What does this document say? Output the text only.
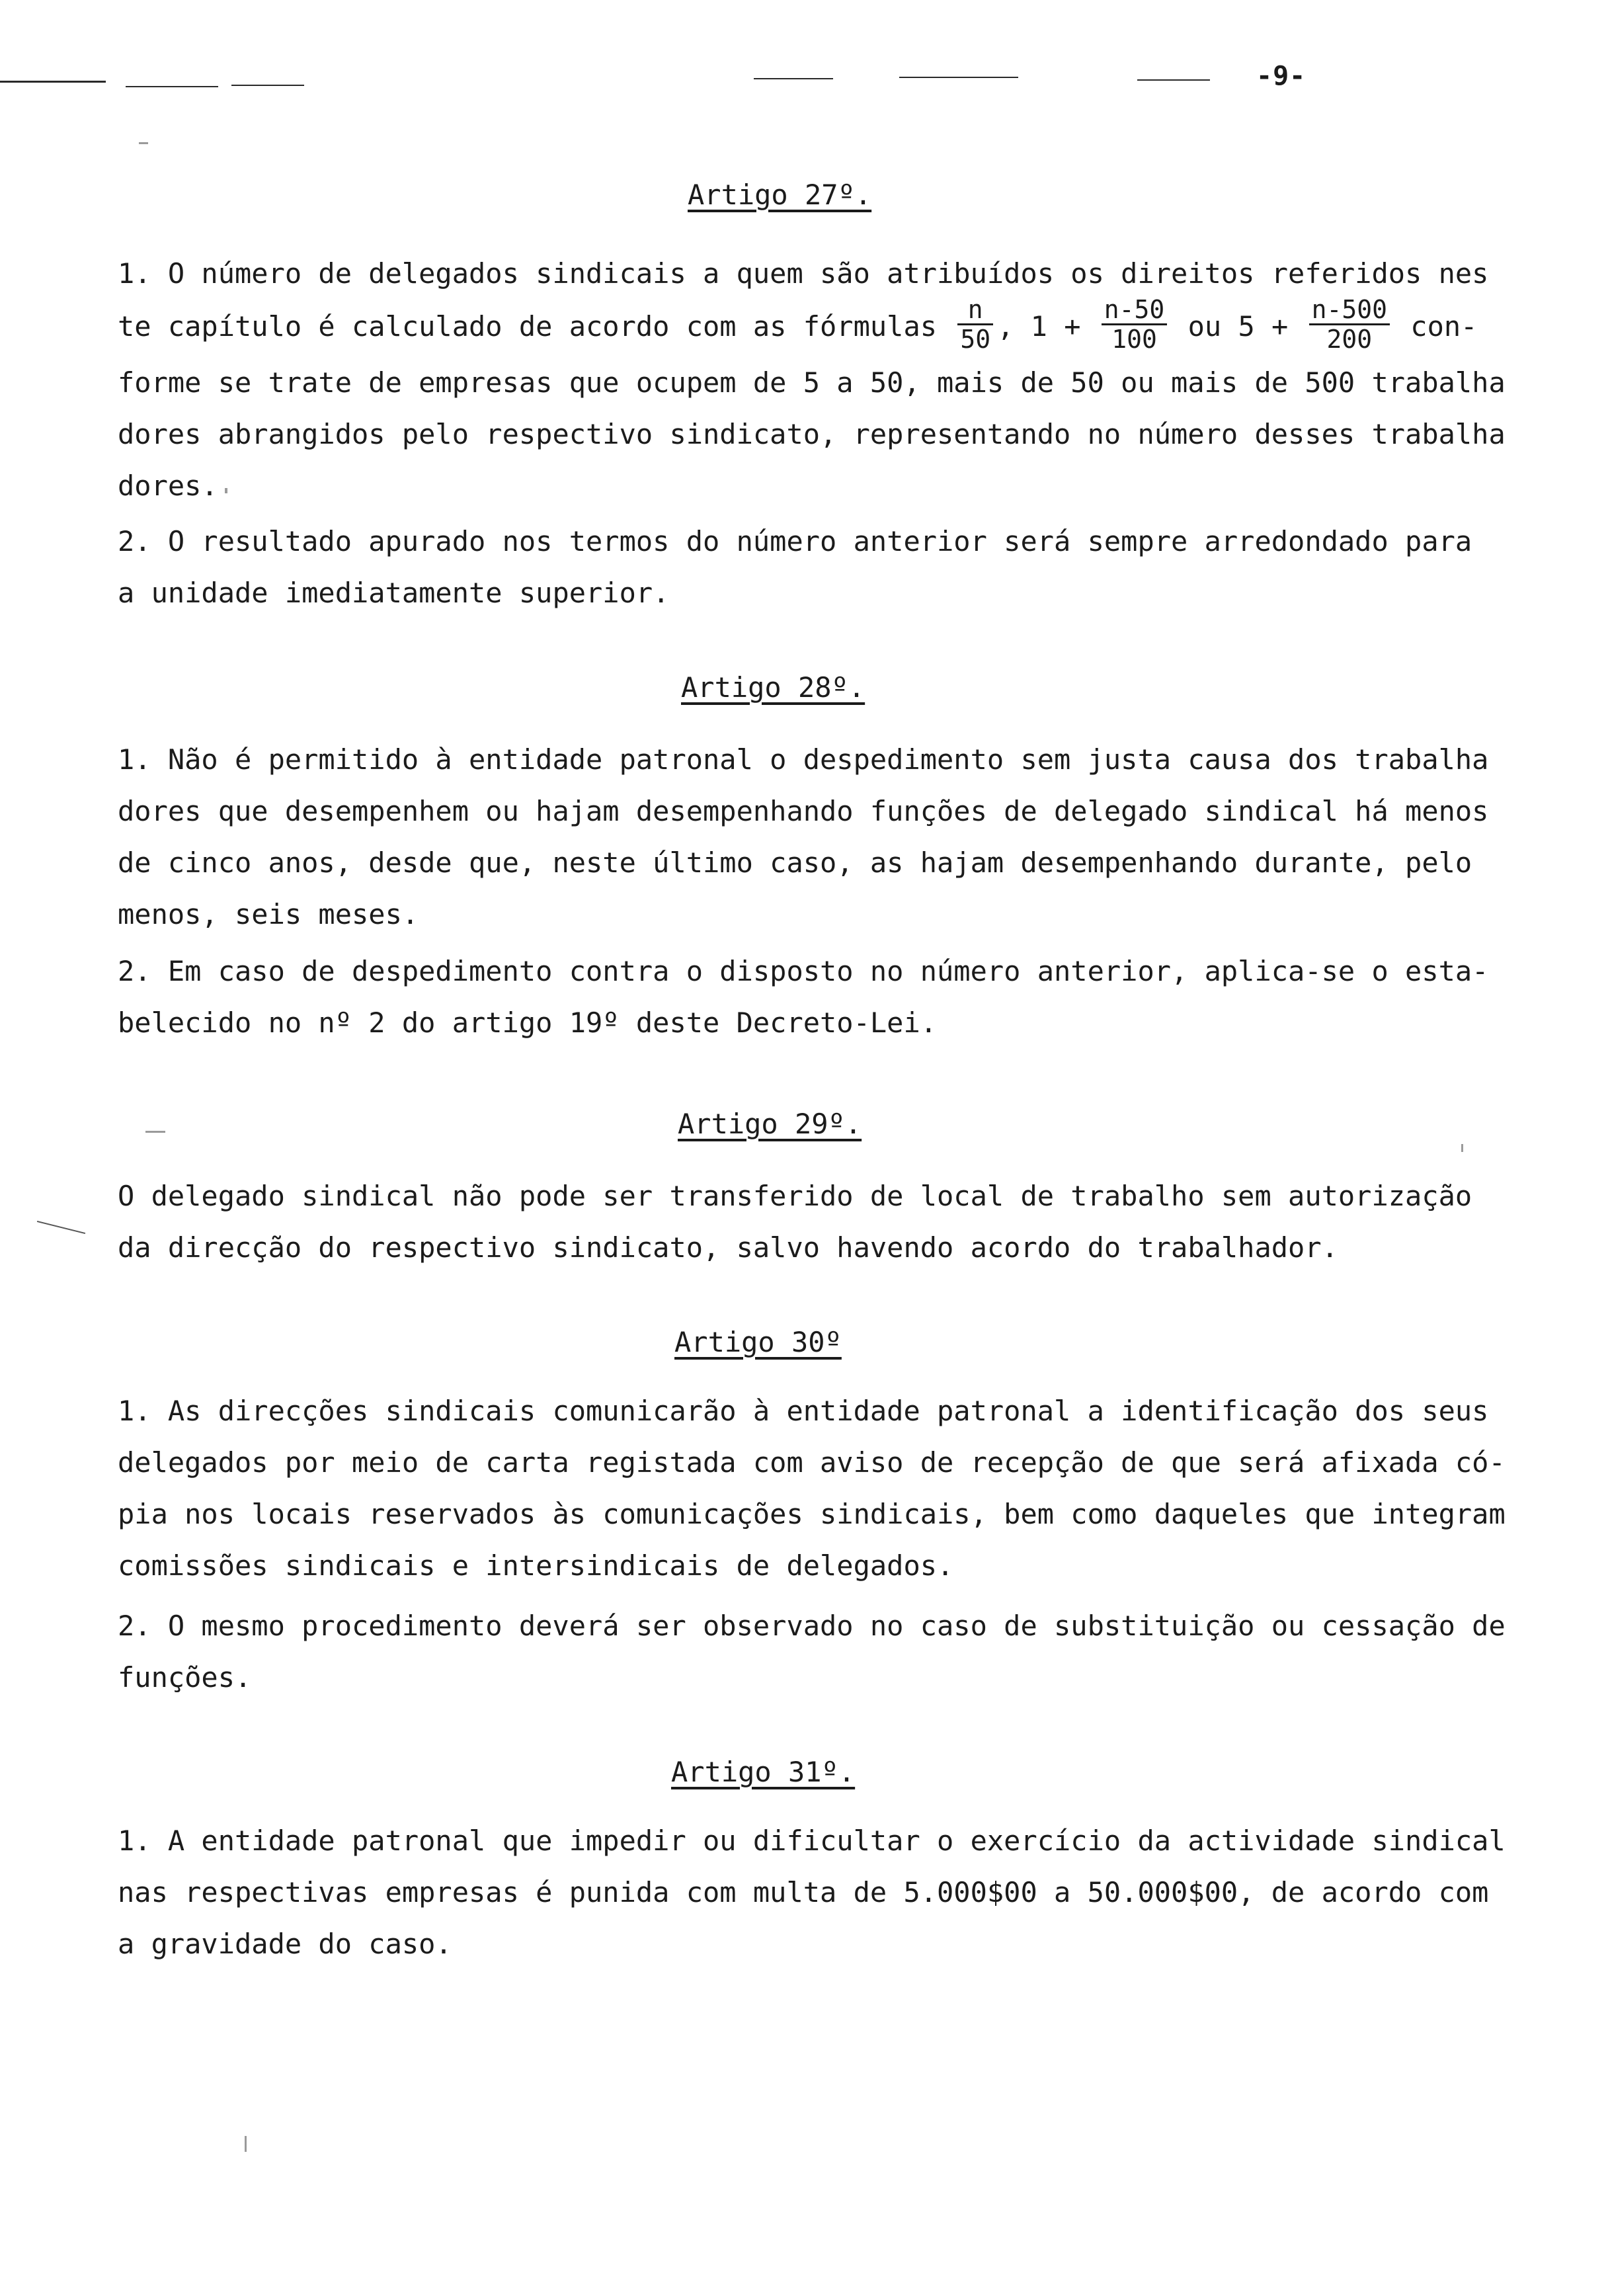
-9-
Artigo 27º.
1. O número de delegados sindicais a quem são atribuídos os direitos referidos nes
te capítulo é calculado de acordo com as fórmulas $\frac{n}{50}$ , $1 + \frac{n-50}{100}$ ou $5 + \frac{n-500}{200} con-$
forme se trate de empresas que ocupem de 5 a 50, mais de 50 ou mais de 500 trabalha
dores abrangidos pelo respectivo sindicato, representando no número desses trabalha
dores.
2. O resultado apurado nos termos do número anterior será sempre arredondado para
a unidade imediatamente superior.
Artigo 28º.
1. Não é permitido à entidade patronal o despedimento sem justa causa dos trabalha
dores que desempenhem ou hajam desempenhando funções de delegado sindical há menos
de cinco anos, desde que, neste último caso, as hajam desempenhando durante, pelo
menos, seis meses.
2. Em caso de despedimento contra o disposto no número anterior, aplica-se o esta-
belecido no nº 2 do artigo 19º deste Decreto-Lei.
Artigo 29º.
O delegado sindical não pode ser transferido de local de trabalho sem autorização
da direcção do respectivo sindicato, salvo havendo acordo do trabalhador.
Artigo 30º
1. As direcções sindicais comunicarão à entidade patronal a identificação dos seus
delegados por meio de carta registada com aviso de recepção de que será afixada có-
pia nos locais reservados às comunicações sindicais, bem como daqueles que integram
comissões sindicais e intersindicais de delegados.
2. O mesmo procedimento deverá ser observado no caso de substituição ou cessação de
funções.
Artigo 31º.
1. A entidade patronal que impedir ou dificultar o exercício da actividade sindical
nas respectivas empresas é punida com multa de 5.000$00 a 50.000$00, de acordo com
a gravidade do caso.
